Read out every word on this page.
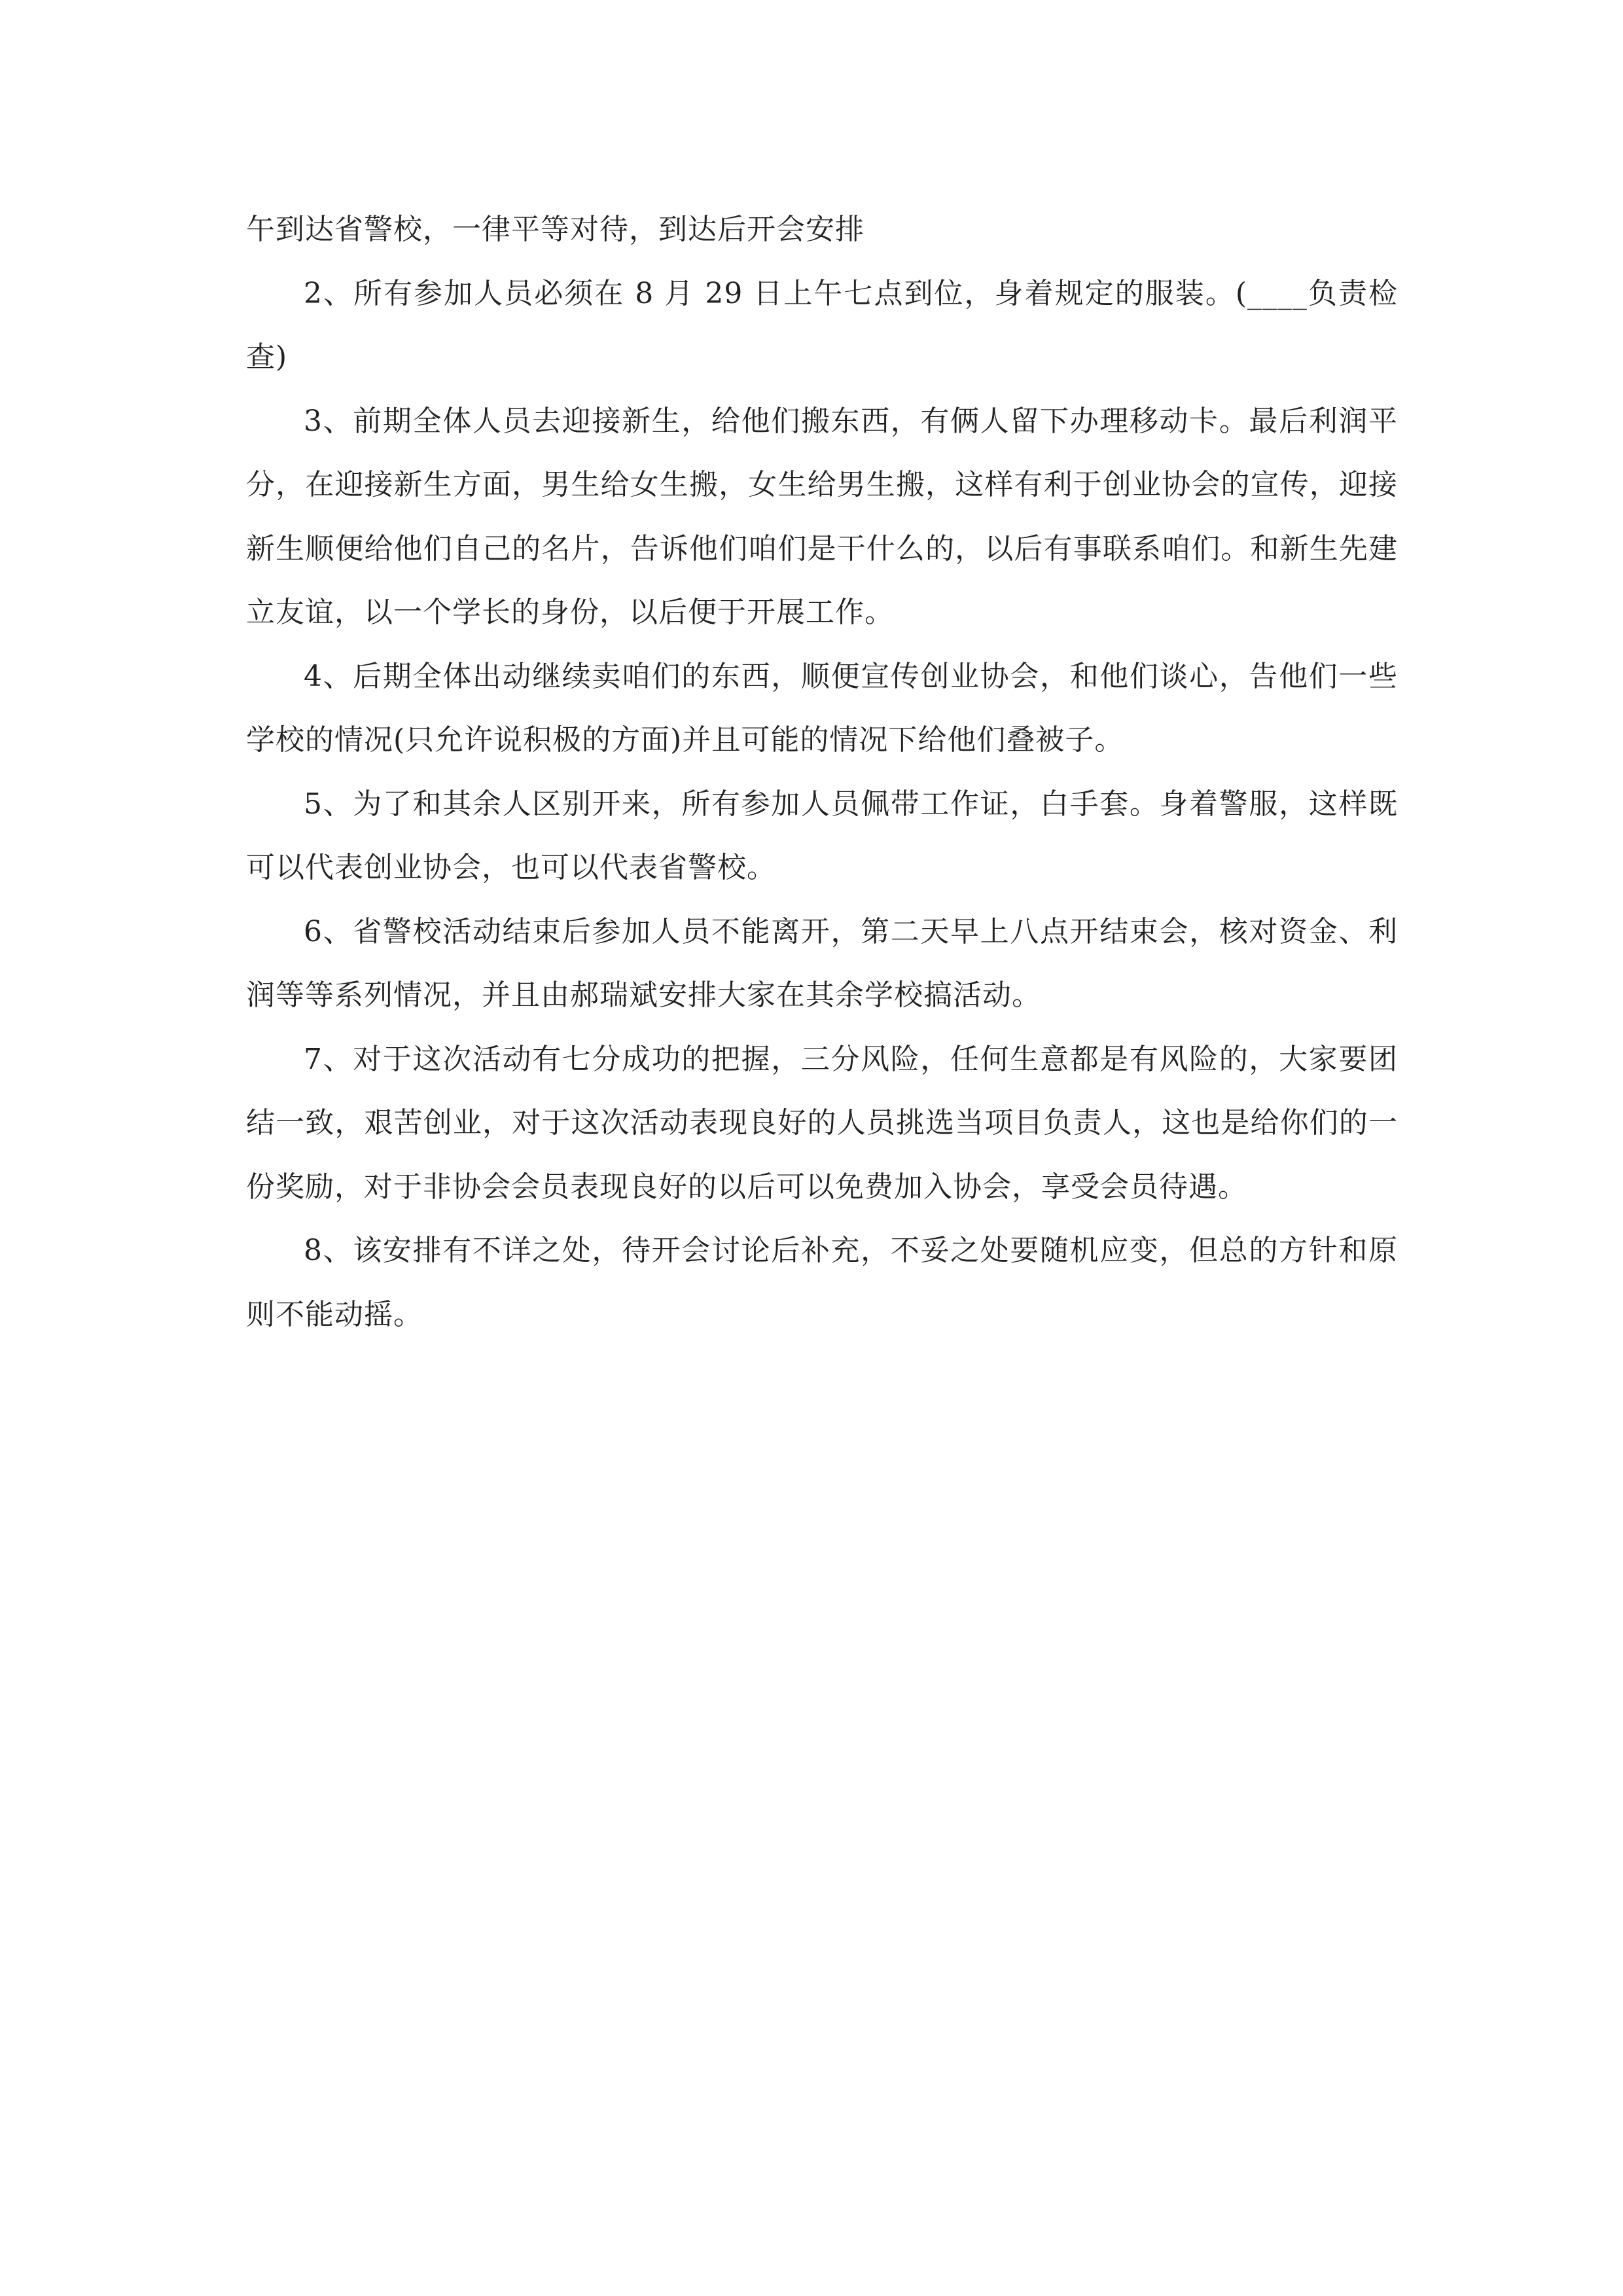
午到达省警校，一律平等对待，到达后开会安排

2、所有参加人员必须在 8 月 29 日上午七点到位，身着规定的服装。(____负责检查)

3、前期全体人员去迎接新生，给他们搬东西，有俩人留下办理移动卡。最后利润平分，在迎接新生方面，男生给女生搬，女生给男生搬，这样有利于创业协会的宣传，迎接新生顺便给他们自己的名片，告诉他们咱们是干什么的，以后有事联系咱们。和新生先建立友谊，以一个学长的身份，以后便于开展工作。

4、后期全体出动继续卖咱们的东西，顺便宣传创业协会，和他们谈心，告他们一些学校的情况(只允许说积极的方面)并且可能的情况下给他们叠被子。

5、为了和其余人区别开来，所有参加人员佩带工作证，白手套。身着警服，这样既可以代表创业协会，也可以代表省警校。

6、省警校活动结束后参加人员不能离开，第二天早上八点开结束会，核对资金、利润等等系列情况，并且由郝瑞斌安排大家在其余学校搞活动。

7、对于这次活动有七分成功的把握，三分风险，任何生意都是有风险的，大家要团结一致，艰苦创业，对于这次活动表现良好的人员挑选当项目负责人，这也是给你们的一份奖励，对于非协会会员表现良好的以后可以免费加入协会，享受会员待遇。

8、该安排有不详之处，待开会讨论后补充，不妥之处要随机应变，但总的方针和原则不能动摇。
